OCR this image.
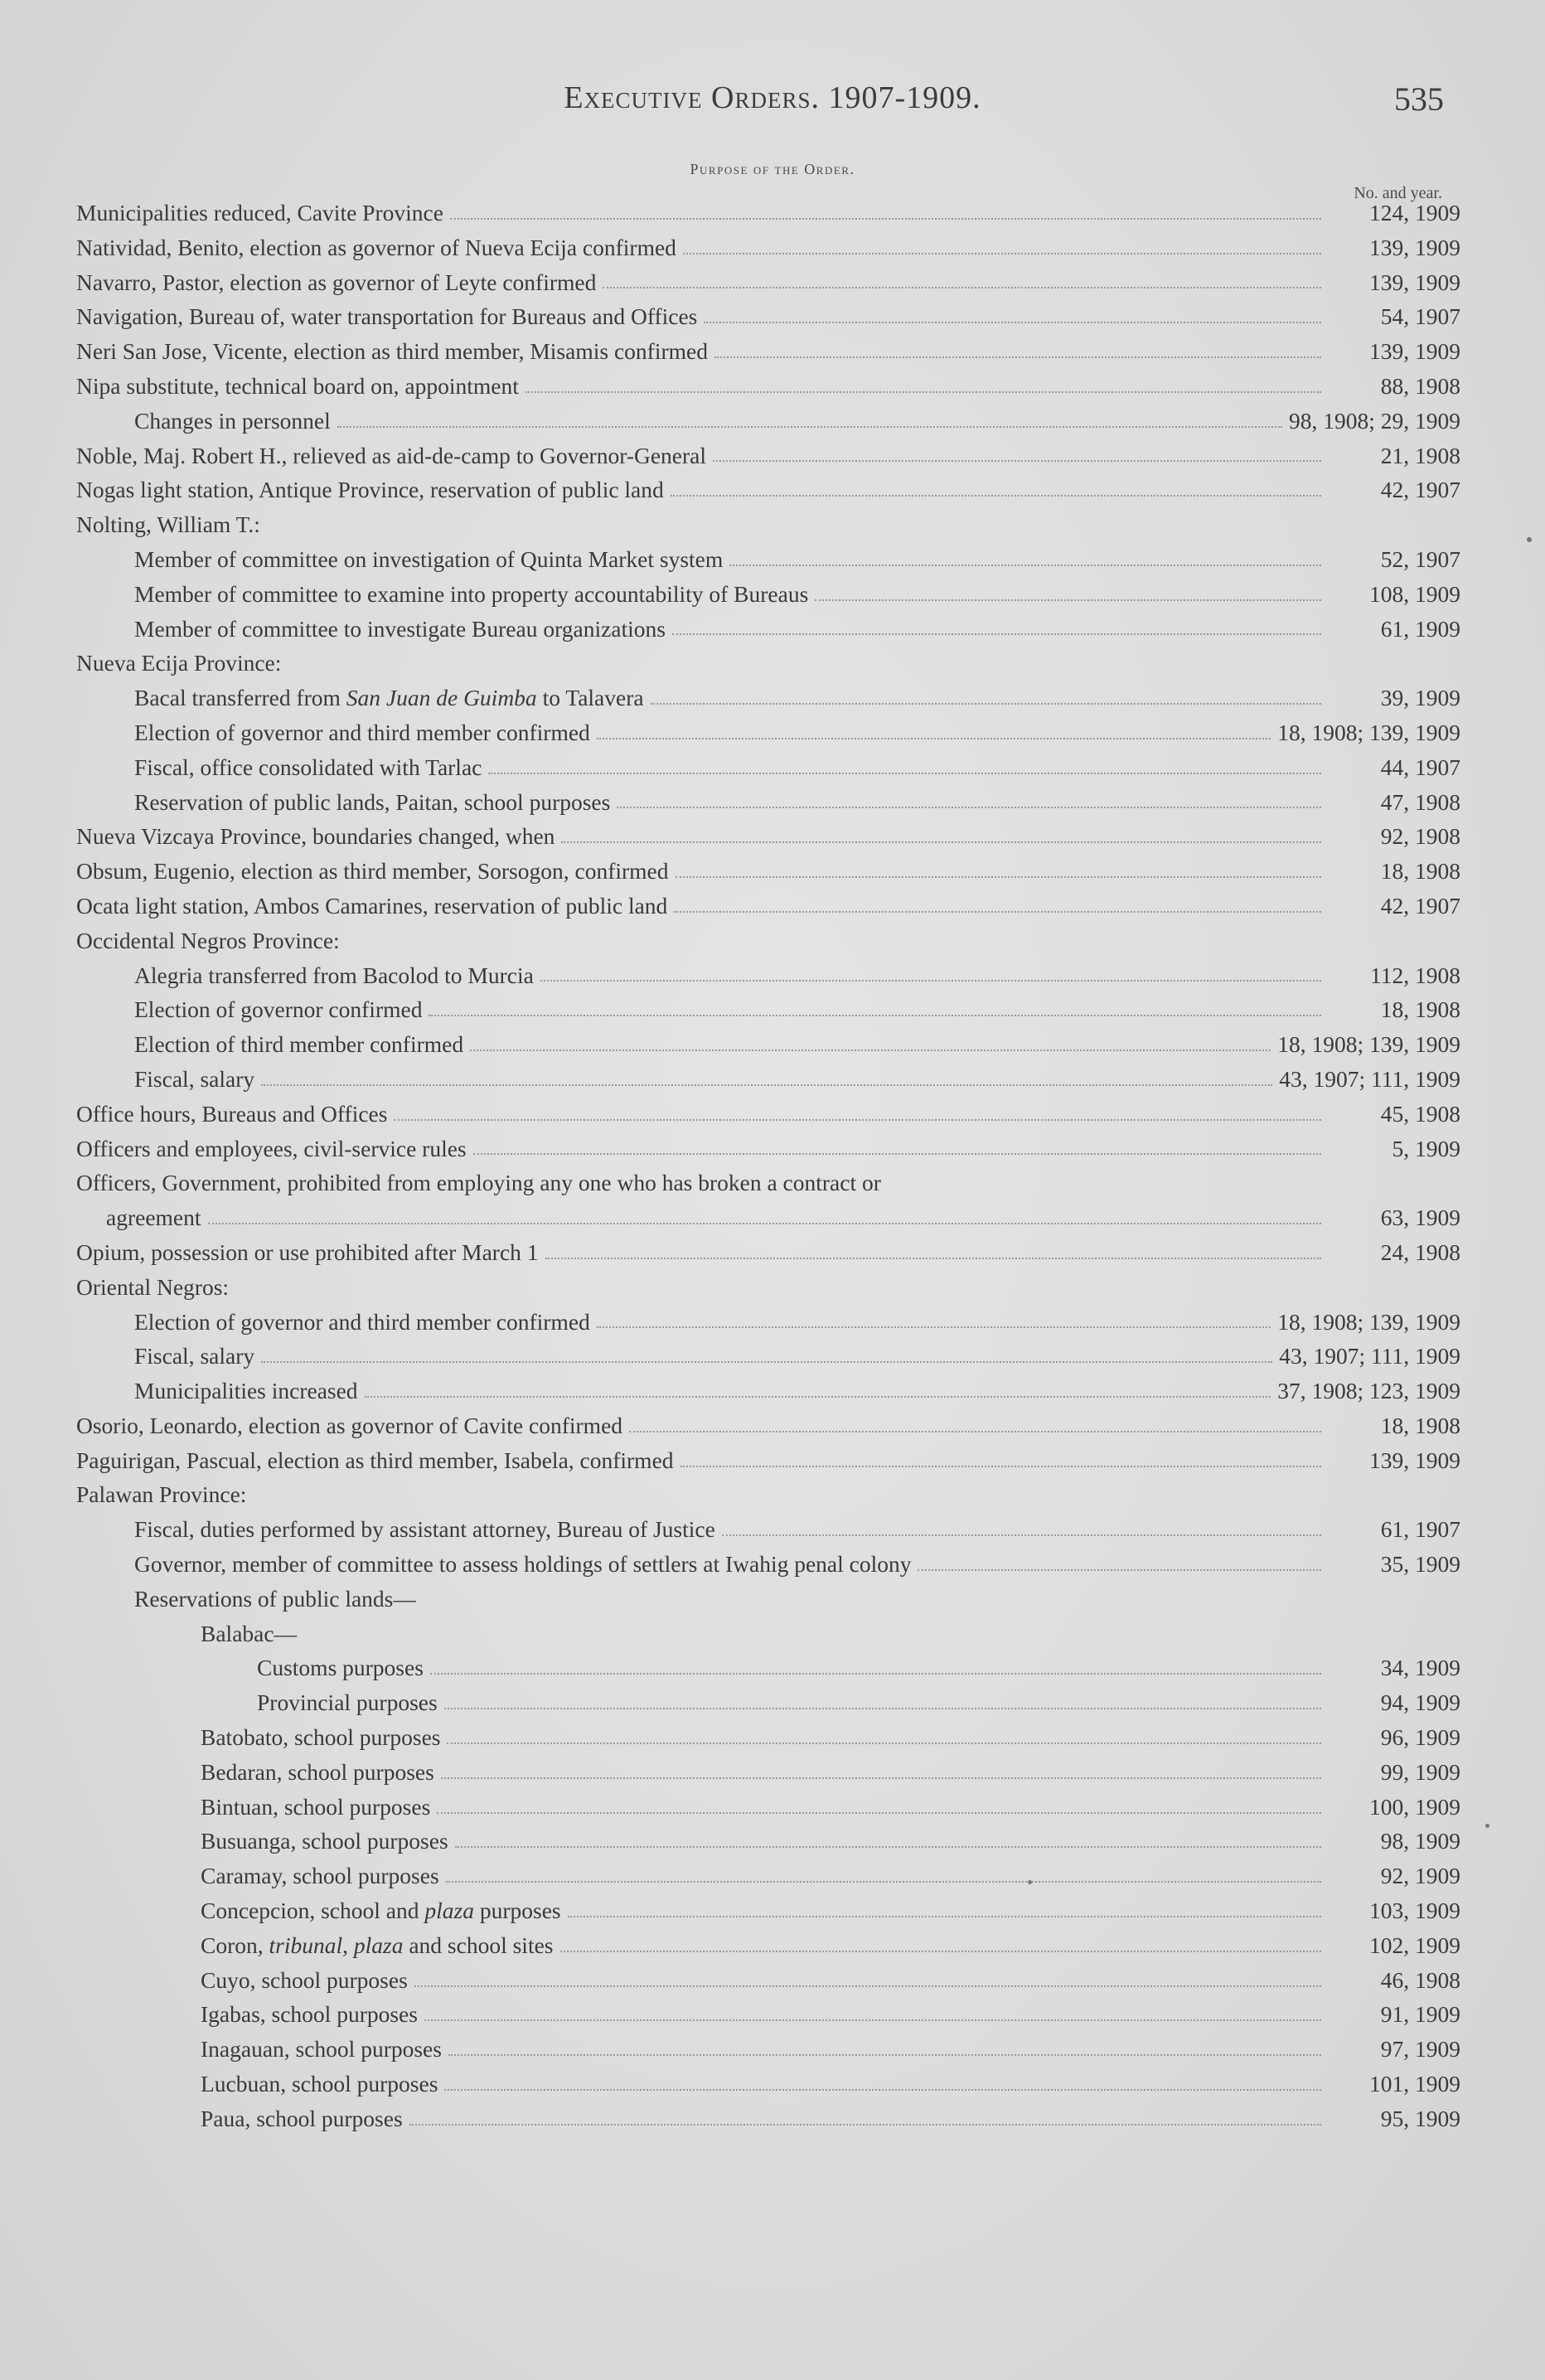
Executive Orders. 1907-1909.	535
Purpose of the Order.
No. and year.
Municipalities reduced, Cavite Province	124, 1909
Natividad, Benito, election as governor of Nueva Ecija confirmed	139, 1909
Navarro, Pastor, election as governor of Leyte confirmed	139, 1909
Navigation, Bureau of, water transportation for Bureaus and Offices	54, 1907
Neri San Jose, Vicente, election as third member, Misamis confirmed	139, 1909
Nipa substitute, technical board on, appointment	88, 1908
Changes in personnel	98, 1908; 29, 1909
Noble, Maj. Robert H., relieved as aid-de-camp to Governor-General	21, 1908
Nogas light station, Antique Province, reservation of public land	42, 1907
Nolting, William T.:
Member of committee on investigation of Quinta Market system	52, 1907
Member of committee to examine into property accountability of Bureaus	108, 1909
Member of committee to investigate Bureau organizations	61, 1909
Nueva Ecija Province:
Bacal transferred from San Juan de Guimba to Talavera	39, 1909
Election of governor and third member confirmed	18, 1908; 139, 1909
Fiscal, office consolidated with Tarlac	44, 1907
Reservation of public lands, Paitan, school purposes	47, 1908
Nueva Vizcaya Province, boundaries changed, when	92, 1908
Obsum, Eugenio, election as third member, Sorsogon, confirmed	18, 1908
Ocata light station, Ambos Camarines, reservation of public land	42, 1907
Occidental Negros Province:
Alegria transferred from Bacolod to Murcia	112, 1908
Election of governor confirmed	18, 1908
Election of third member confirmed	18, 1908; 139, 1909
Fiscal, salary	43, 1907; 111, 1909
Office hours, Bureaus and Offices	45, 1908
Officers and employees, civil-service rules	5, 1909
Officers, Government, prohibited from employing any one who has broken a contract or
agreement	63, 1909
Opium, possession or use prohibited after March 1	24, 1908
Oriental Negros:
Election of governor and third member confirmed	18, 1908; 139, 1909
Fiscal, salary	43, 1907; 111, 1909
Municipalities increased	37, 1908; 123, 1909
Osorio, Leonardo, election as governor of Cavite confirmed	18, 1908
Paguirigan, Pascual, election as third member, Isabela, confirmed	139, 1909
Palawan Province:
Fiscal, duties performed by assistant attorney, Bureau of Justice	61, 1907
Governor, member of committee to assess holdings of settlers at Iwahig penal colony	35, 1909
Reservations of public lands—
Balabac—
Customs purposes	34, 1909
Provincial purposes	94, 1909
Batobato, school purposes	96, 1909
Bedaran, school purposes	99, 1909
Bintuan, school purposes	100, 1909
Busuanga, school purposes	98, 1909
Caramay, school purposes	92, 1909
Concepcion, school and plaza purposes	103, 1909
Coron, tribunal, plaza and school sites	102, 1909
Cuyo, school purposes	46, 1908
Igabas, school purposes	91, 1909
Inagauan, school purposes	97, 1909
Lucbuan, school purposes	101, 1909
Paua, school purposes	95, 1909
